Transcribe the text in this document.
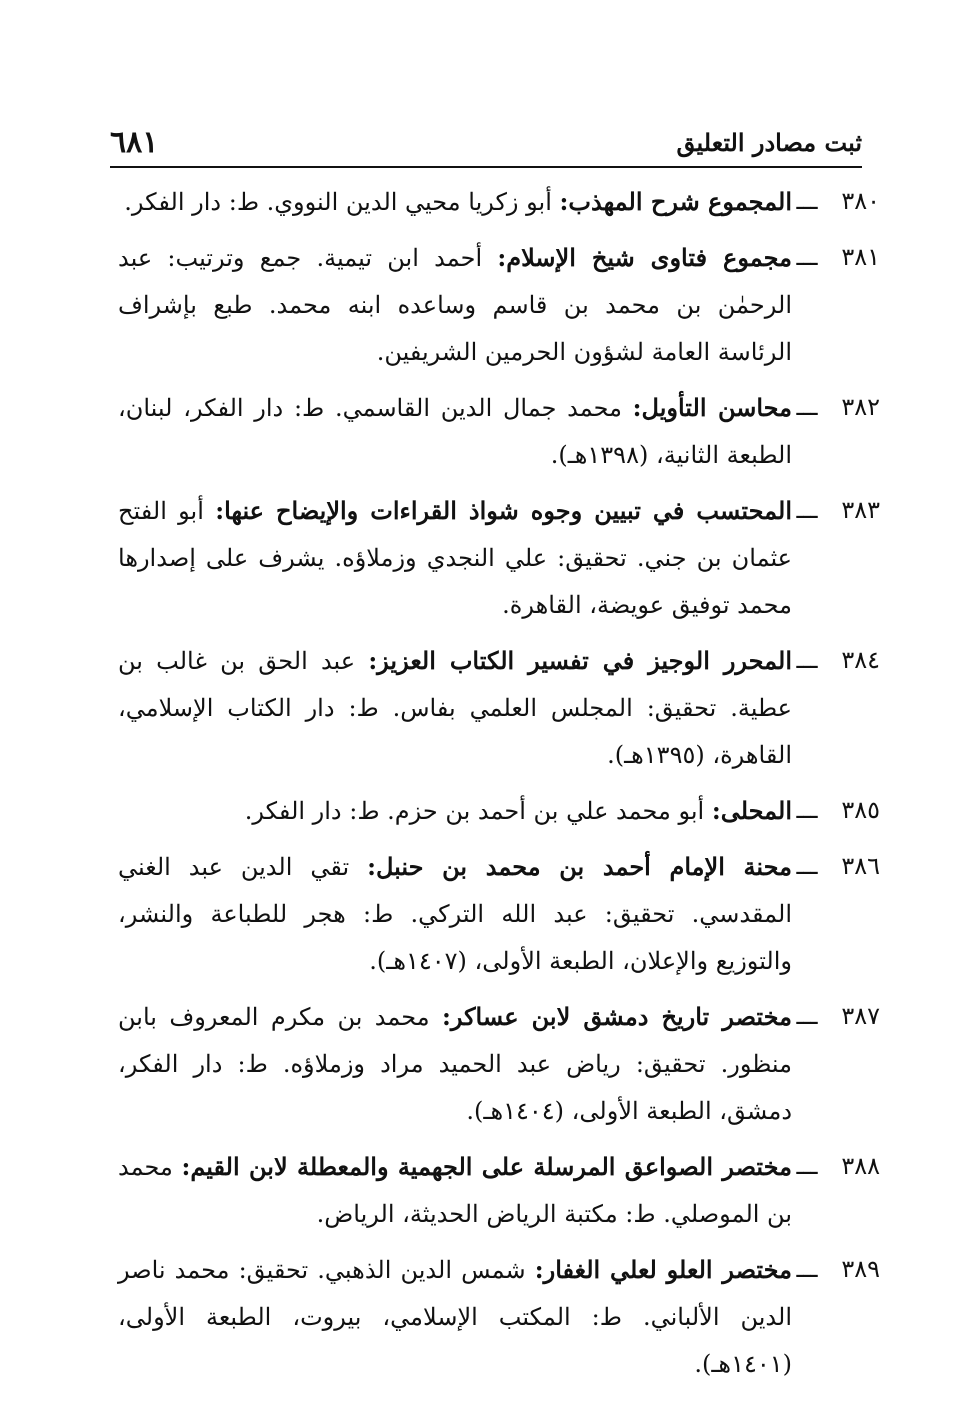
ثبت مصادر التعليق
٦٨١
٣٨٠
ـــ
المجموع شرح المهذب: أبو زكريا محيي الدين النووي. ط: دار الفكر.
٣٨١
ـــ
مجموع فتاوى شيخ الإسلام: أحمد ابن تيمية. جمع وترتيب: عبد الرحمٰن بن محمد بن قاسم وساعده ابنه محمد. طبع بإشراف الرئاسة العامة لشؤون الحرمين الشريفين.
٣٨٢
ـــ
محاسن التأويل: محمد جمال الدين القاسمي. ط: دار الفكر، لبنان، الطبعة الثانية، (١٣٩٨هـ).
٣٨٣
ـــ
المحتسب في تبيين وجوه شواذ القراءات والإيضاح عنها: أبو الفتح عثمان بن جني. تحقيق: علي النجدي وزملاؤه. يشرف على إصدارها محمد توفيق عويضة، القاهرة.
٣٨٤
ـــ
المحرر الوجيز في تفسير الكتاب العزيز: عبد الحق بن غالب بن عطية. تحقيق: المجلس العلمي بفاس. ط: دار الكتاب الإسلامي، القاهرة، (١٣٩٥هـ).
٣٨٥
ـــ
المحلى: أبو محمد علي بن أحمد بن حزم. ط: دار الفكر.
٣٨٦
ـــ
محنة الإمام أحمد بن محمد بن حنبل: تقي الدين عبد الغني المقدسي. تحقيق: عبد الله التركي. ط: هجر للطباعة والنشر، والتوزيع والإعلان، الطبعة الأولى، (١٤٠٧هـ).
٣٨٧
ـــ
مختصر تاريخ دمشق لابن عساكر: محمد بن مكرم المعروف بابن منظور. تحقيق: رياض عبد الحميد مراد وزملاؤه. ط: دار الفكر، دمشق، الطبعة الأولى، (١٤٠٤هـ).
٣٨٨
ـــ
مختصر الصواعق المرسلة على الجهمية والمعطلة لابن القيم: محمد بن الموصلي. ط: مكتبة الرياض الحديثة، الرياض.
٣٨٩
ـــ
مختصر العلو لعلي الغفار: شمس الدين الذهبي. تحقيق: محمد ناصر الدين الألباني. ط: المكتب الإسلامي، بيروت، الطبعة الأولى، (١٤٠١هـ).
